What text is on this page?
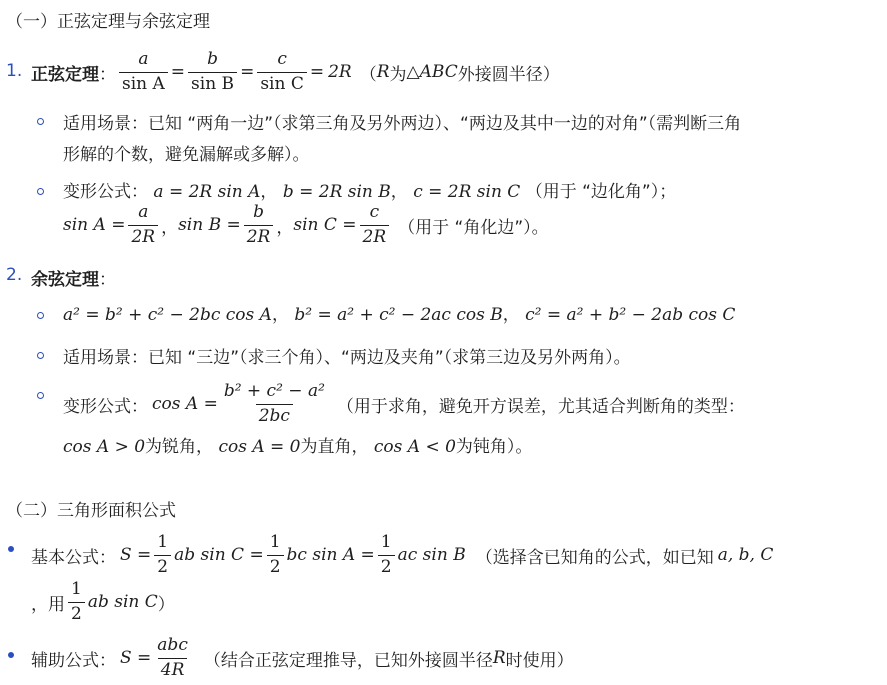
（一）正弦定理与余弦定理
1. 正弦定理 ： $\frac{a}{\text{sin A}} = \frac{b}{\text{sin B}} = \frac{c}{\text{sin C}} = 2R$ （ R 为 △ABC 外接圆半径）
适用场景：已知 “两角一边”（求第三角及另外两边）、“两边及其中一边的对角”（需判断三角
形解的个数，避免漏解或多解）。
变形公式： a = 2R sin A， b = 2R sin B， c = 2R sin C （用于 “边化角”）；
$\sin A = \frac{a}{2R}$ ， $\sin B = \frac{b}{2R}$ ， $\sin C = \frac{c}{2R}$ （用于 “角化边”）。
2. 余弦定理：
a² = b² + c² − 2bc cos A， b² = a² + c² − 2ac cos B， c² = a² + b² − 2ab cos C
适用场景：已知 “三边”（求三个角）、“两边及夹角”（求第三边及另外两角）。
变形公式： $\cos A = \frac{\text{b² + c² − a²}}{2bc}$ （用于求角，避免开方误差，尤其适合判断角的类型：
cos A > 0为锐角， cos A = 0为直角， cos A < 0为钝角）。
（二）三角形面积公式
基本公式： $S = \frac{1}{2}$ ab $\sin C = \frac{1}{2}$ bc $\sin A = \frac{1}{2}$ ac sin B （选择含已知角的公式，如已知 a, b, C
，用 $\frac{1}{2}$ ab sin C ）
辅助公式： $S = \frac{\text{abc}}{4R}$ （结合正弦定理推导，已知外接圆半径 R 时使用）
